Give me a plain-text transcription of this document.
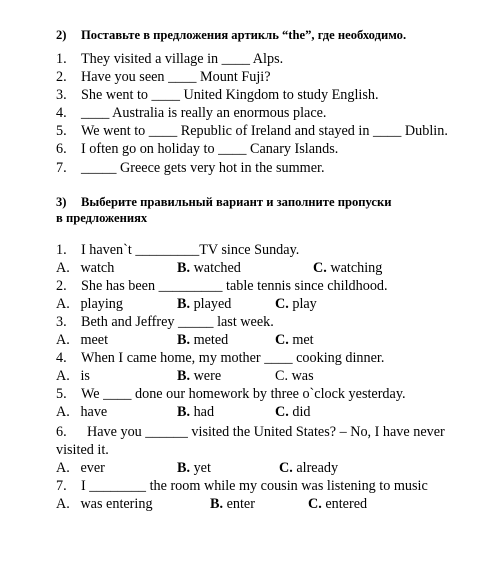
2) Поставьте в предложения артикль “the”, где необходимо.
1. They visited a village in ____ Alps.
2. Have you seen ____ Mount Fuji?
3. She went to ____ United Kingdom to study English.
4. ____ Australia is really an enormous place.
5. We went to ____ Republic of Ireland and stayed in ____ Dublin.
6. I often go on holiday to ____ Canary Islands.
7. _____ Greece gets very hot in the summer.
3) Выберите правильный вариант и заполните пропуски
в предложениях
1. I haven`t _________TV since Sunday.
A. watch	B. watched	C. watching
2. She has been _________ table tennis since childhood.
A. playing	B. played	C. play
3. Beth and Jeffrey _____ last week.
A. meet	B. meted	C. met
4. When I came home, my mother ____ cooking dinner.
A. is	B. were	C. was
5. We ____ done our homework by three o`clock yesterday.
A. have	B. had	C. did
6. Have you ______ visited the United States? – No, I have never
visited it.
A. ever	B. yet	C. already
7. I ________ the room while my cousin was listening to music
A. was entering	B. enter	C. entered
